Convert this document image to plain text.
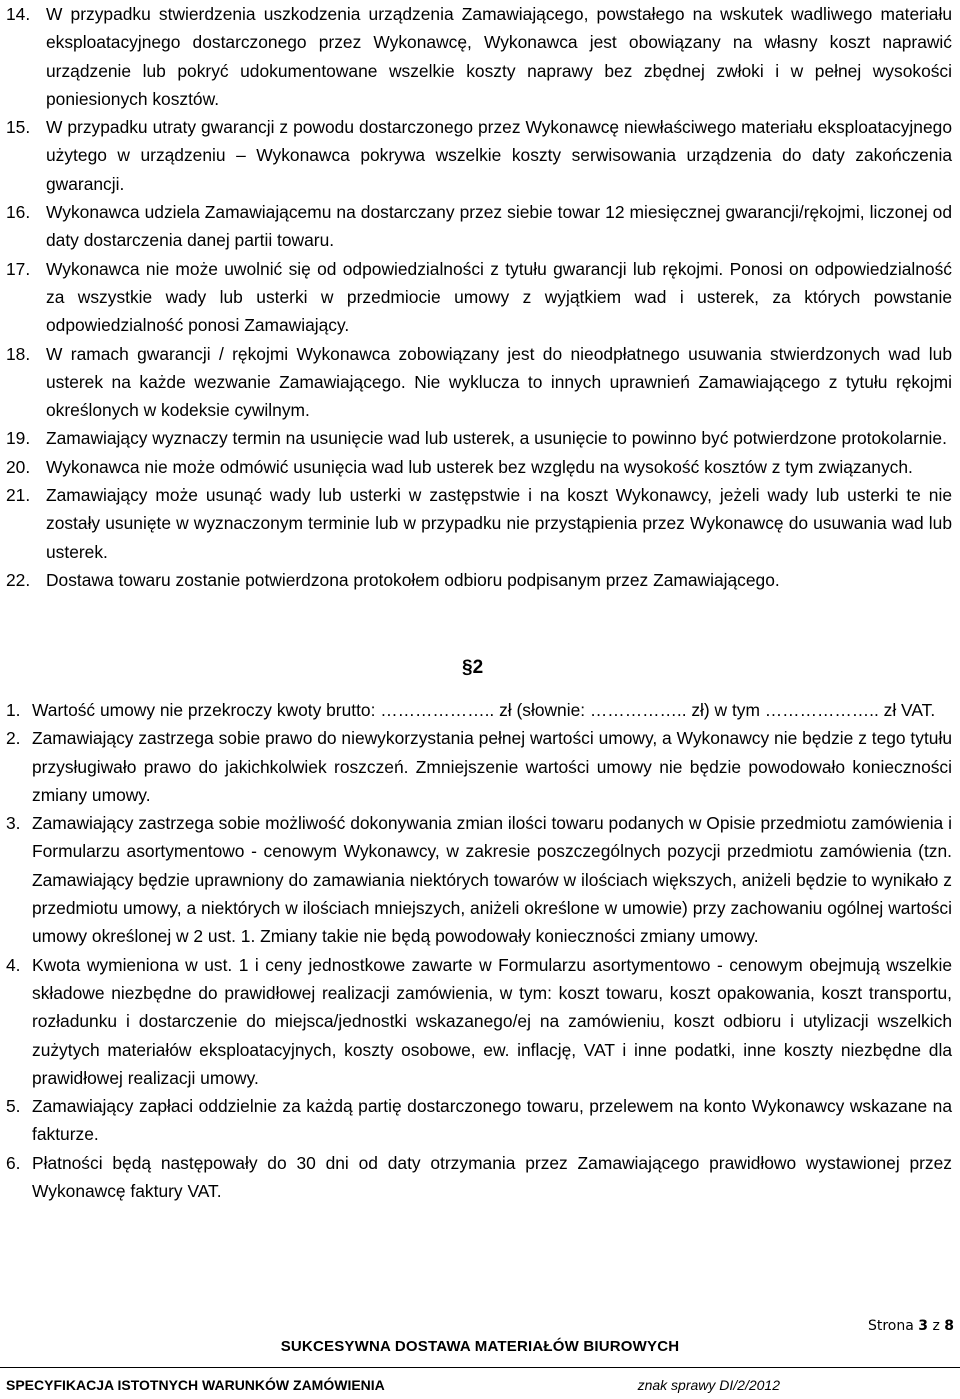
14. W przypadku stwierdzenia uszkodzenia urządzenia Zamawiającego, powstałego na wskutek wadliwego materiału eksploatacyjnego dostarczonego przez Wykonawcę, Wykonawca jest obowiązany na własny koszt naprawić urządzenie lub pokryć udokumentowane wszelkie koszty naprawy bez zbędnej zwłoki i w pełnej wysokości poniesionych kosztów.
15. W przypadku utraty gwarancji z powodu dostarczonego przez Wykonawcę niewłaściwego materiału eksploatacyjnego użytego w urządzeniu – Wykonawca pokrywa wszelkie koszty serwisowania urządzenia do daty zakończenia gwarancji.
16. Wykonawca udziela Zamawiającemu na dostarczany przez siebie towar 12 miesięcznej gwarancji/rękojmi, liczonej od daty dostarczenia danej partii towaru.
17. Wykonawca nie może uwolnić się od odpowiedzialności z tytułu gwarancji lub rękojmi. Ponosi on odpowiedzialność za wszystkie wady lub usterki w przedmiocie umowy z wyjątkiem wad i usterek, za których powstanie odpowiedzialność ponosi Zamawiający.
18. W ramach gwarancji / rękojmi Wykonawca zobowiązany jest do nieodpłatnego usuwania stwierdzonych wad lub usterek na każde wezwanie Zamawiającego. Nie wyklucza to innych uprawnień Zamawiającego z tytułu rękojmi określonych w kodeksie cywilnym.
19. Zamawiający wyznaczy termin na usunięcie wad lub usterek, a usunięcie to powinno być potwierdzone protokolarnie.
20. Wykonawca nie może odmówić usunięcia wad lub usterek bez względu na wysokość kosztów z tym związanych.
21. Zamawiający może usunąć wady lub usterki w zastępstwie i na koszt Wykonawcy, jeżeli wady lub usterki te nie zostały usunięte w wyznaczonym terminie lub w przypadku nie przystąpienia przez Wykonawcę do usuwania wad lub usterek.
22. Dostawa towaru zostanie potwierdzona protokołem odbioru podpisanym przez Zamawiającego.
§2
1. Wartość umowy nie przekroczy kwoty brutto: ……………….. zł (słownie: …………….. zł) w tym ……………….. zł VAT.
2. Zamawiający zastrzega sobie prawo do niewykorzystania pełnej wartości umowy, a Wykonawcy nie będzie z tego tytułu przysługiwało prawo do jakichkolwiek roszczeń. Zmniejszenie wartości umowy nie będzie powodowało konieczności zmiany umowy.
3. Zamawiający zastrzega sobie możliwość dokonywania zmian ilości towaru podanych w Opisie przedmiotu zamówienia i Formularzu asortymentowo - cenowym Wykonawcy, w zakresie poszczególnych pozycji przedmiotu zamówienia (tzn. Zamawiający będzie uprawniony do zamawiania niektórych towarów w ilościach większych, aniżeli będzie to wynikało z przedmiotu umowy, a niektórych w ilościach mniejszych, aniżeli określone w umowie) przy zachowaniu ogólnej wartości umowy określonej w 2 ust. 1. Zmiany takie nie będą powodowały konieczności zmiany umowy.
4. Kwota wymieniona w ust. 1 i ceny jednostkowe zawarte w Formularzu asortymentowo - cenowym obejmują wszelkie składowe niezbędne do prawidłowej realizacji zamówienia, w tym: koszt towaru, koszt opakowania, koszt transportu, rozładunku i dostarczenie do miejsca/jednostki wskazanego/ej na zamówieniu, koszt odbioru i utylizacji wszelkich zużytych materiałów eksploatacyjnych, koszty osobowe, ew. inflację, VAT i inne podatki, inne koszty niezbędne dla prawidłowej realizacji umowy.
5. Zamawiający zapłaci oddzielnie za każdą partię dostarczonego towaru, przelewem na konto Wykonawcy wskazane na fakturze.
6. Płatności będą następowały do 30 dni od daty otrzymania przez Zamawiającego prawidłowo wystawionej przez Wykonawcę faktury VAT.
Strona 3 z 8
SUKCESYWNA DOSTAWA MATERIAŁÓW BIUROWYCH
SPECYFIKACJA ISTOTNYCH WARUNKÓW ZAMÓWIENIA	znak sprawy DI/2/2012
